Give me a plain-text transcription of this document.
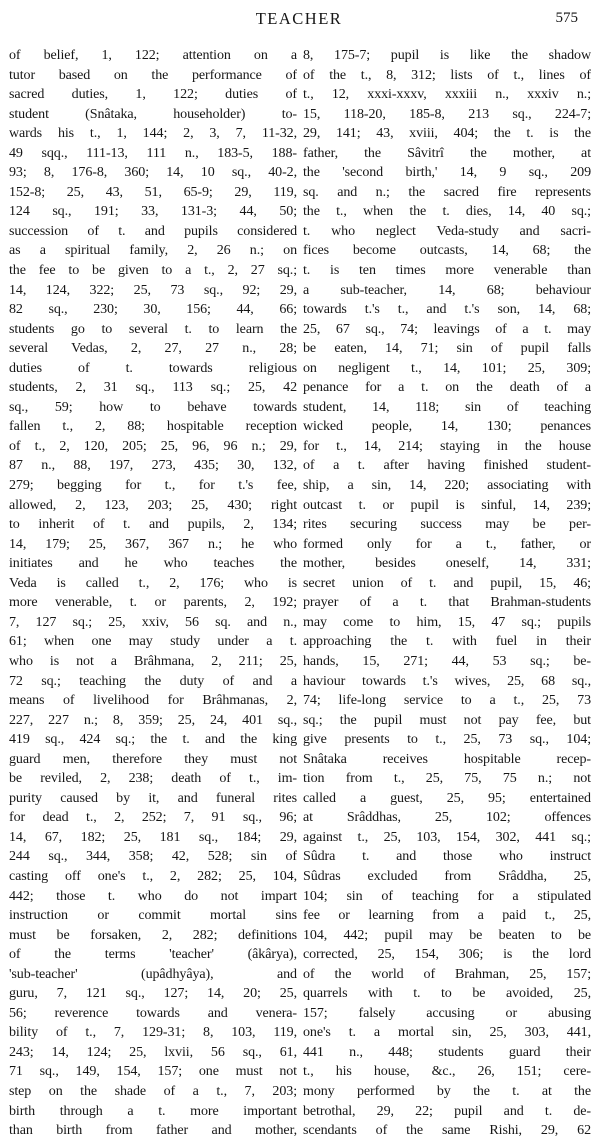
TEACHER	575
of belief, 1, 122; attention on a
tutor based on the performance of
sacred duties, 1, 122; duties of
student (Snâtaka, householder) to-
wards his t., 1, 144; 2, 3, 7, 11-32,
49 sqq., 111-13, 111 n., 183-5, 188-
93; 8, 176-8, 360; 14, 10 sq., 40-2,
152-8; 25, 43, 51, 65-9; 29, 119,
124 sq., 191; 33, 131-3; 44, 50;
succession of t. and pupils considered
as a spiritual family, 2, 26 n.; on
the fee to be given to a t., 2, 27 sq.;
14, 124, 322; 25, 73 sq., 92; 29,
82 sq., 230; 30, 156; 44, 66;
students go to several t. to learn the
several Vedas, 2, 27, 27 n., 28;
duties of t. towards religious
students, 2, 31 sq., 113 sq.; 25, 42
sq., 59; how to behave towards
fallen t., 2, 88; hospitable reception
of t., 2, 120, 205; 25, 96, 96 n.; 29,
87 n., 88, 197, 273, 435; 30, 132,
279; begging for t., for t.'s fee,
allowed, 2, 123, 203; 25, 430; right
to inherit of t. and pupils, 2, 134;
14, 179; 25, 367, 367 n.; he who
initiates and he who teaches the
Veda is called t., 2, 176; who is
more venerable, t. or parents, 2, 192;
7, 127 sq.; 25, xxiv, 56 sq. and n.,
61; when one may study under a t.
who is not a Brâhmana, 2, 211; 25,
72 sq.; teaching the duty of and a
means of livelihood for Brâhmanas, 2,
227, 227 n.; 8, 359; 25, 24, 401 sq.,
419 sq., 424 sq.; the t. and the king
guard men, therefore they must not
be reviled, 2, 238; death of t., im-
purity caused by it, and funeral rites
for dead t., 2, 252; 7, 91 sq., 96;
14, 67, 182; 25, 181 sq., 184; 29,
244 sq., 344, 358; 42, 528; sin of
casting off one's t., 2, 282; 25, 104,
442; those t. who do not impart
instruction or commit mortal sins
must be forsaken, 2, 282; definitions
of the terms 'teacher' (âkârya),
'sub-teacher' (upâdhyâya), and
guru, 7, 121 sq., 127; 14, 20; 25,
56; reverence towards and venera-
bility of t., 7, 129-31; 8, 103, 119,
243; 14, 124; 25, lxvii, 56 sq., 61,
71 sq., 149, 154, 157; one must not
step on the shade of a t., 7, 203;
birth through a t. more important
than birth from father and mother,
8, 175-7; pupil is like the shadow
of the t., 8, 312; lists of t., lines of
t., 12, xxxi-xxxv, xxxiii n., xxxiv n.;
15, 118-20, 185-8, 213 sq., 224-7;
29, 141; 43, xviii, 404; the t. is the
father, the Sâvitrî the mother, at
the 'second birth,' 14, 9 sq., 209
sq. and n.; the sacred fire represents
the t., when the t. dies, 14, 40 sq.;
t. who neglect Veda-study and sacri-
fices become outcasts, 14, 68; the
t. is ten times more venerable than
a sub-teacher, 14, 68; behaviour
towards t.'s t., and t.'s son, 14, 68;
25, 67 sq., 74; leavings of a t. may
be eaten, 14, 71; sin of pupil falls
on negligent t., 14, 101; 25, 309;
penance for a t. on the death of a
student, 14, 118; sin of teaching
wicked people, 14, 130; penances
for t., 14, 214; staying in the house
of a t. after having finished student-
ship, a sin, 14, 220; associating with
outcast t. or pupil is sinful, 14, 239;
rites securing success may be per-
formed only for a t., father, or
mother, besides oneself, 14, 331;
secret union of t. and pupil, 15, 46;
prayer of a t. that Brahman-students
may come to him, 15, 47 sq.; pupils
approaching the t. with fuel in their
hands, 15, 271; 44, 53 sq.; be-
haviour towards t.'s wives, 25, 68 sq.,
74; life-long service to a t., 25, 73
sq.; the pupil must not pay fee, but
give presents to t., 25, 73 sq., 104;
Snâtaka receives hospitable recep-
tion from t., 25, 75, 75 n.; not
called a guest, 25, 95; entertained
at Srâddhas, 25, 102; offences
against t., 25, 103, 154, 302, 441 sq.;
Sûdra t. and those who instruct
Sûdras excluded from Srâddha, 25,
104; sin of teaching for a stipulated
fee or learning from a paid t., 25,
104, 442; pupil may be beaten to be
corrected, 25, 154, 306; is the lord
of the world of Brahman, 25, 157;
quarrels with t. to be avoided, 25,
157; falsely accusing or abusing
one's t. a mortal sin, 25, 303, 441,
441 n., 448; students guard their
t., his house, &c., 26, 151; cere-
mony performed by the t. at the
betrothal, 29, 22; pupil and t. de-
scendants of the same Rishi, 29, 62
